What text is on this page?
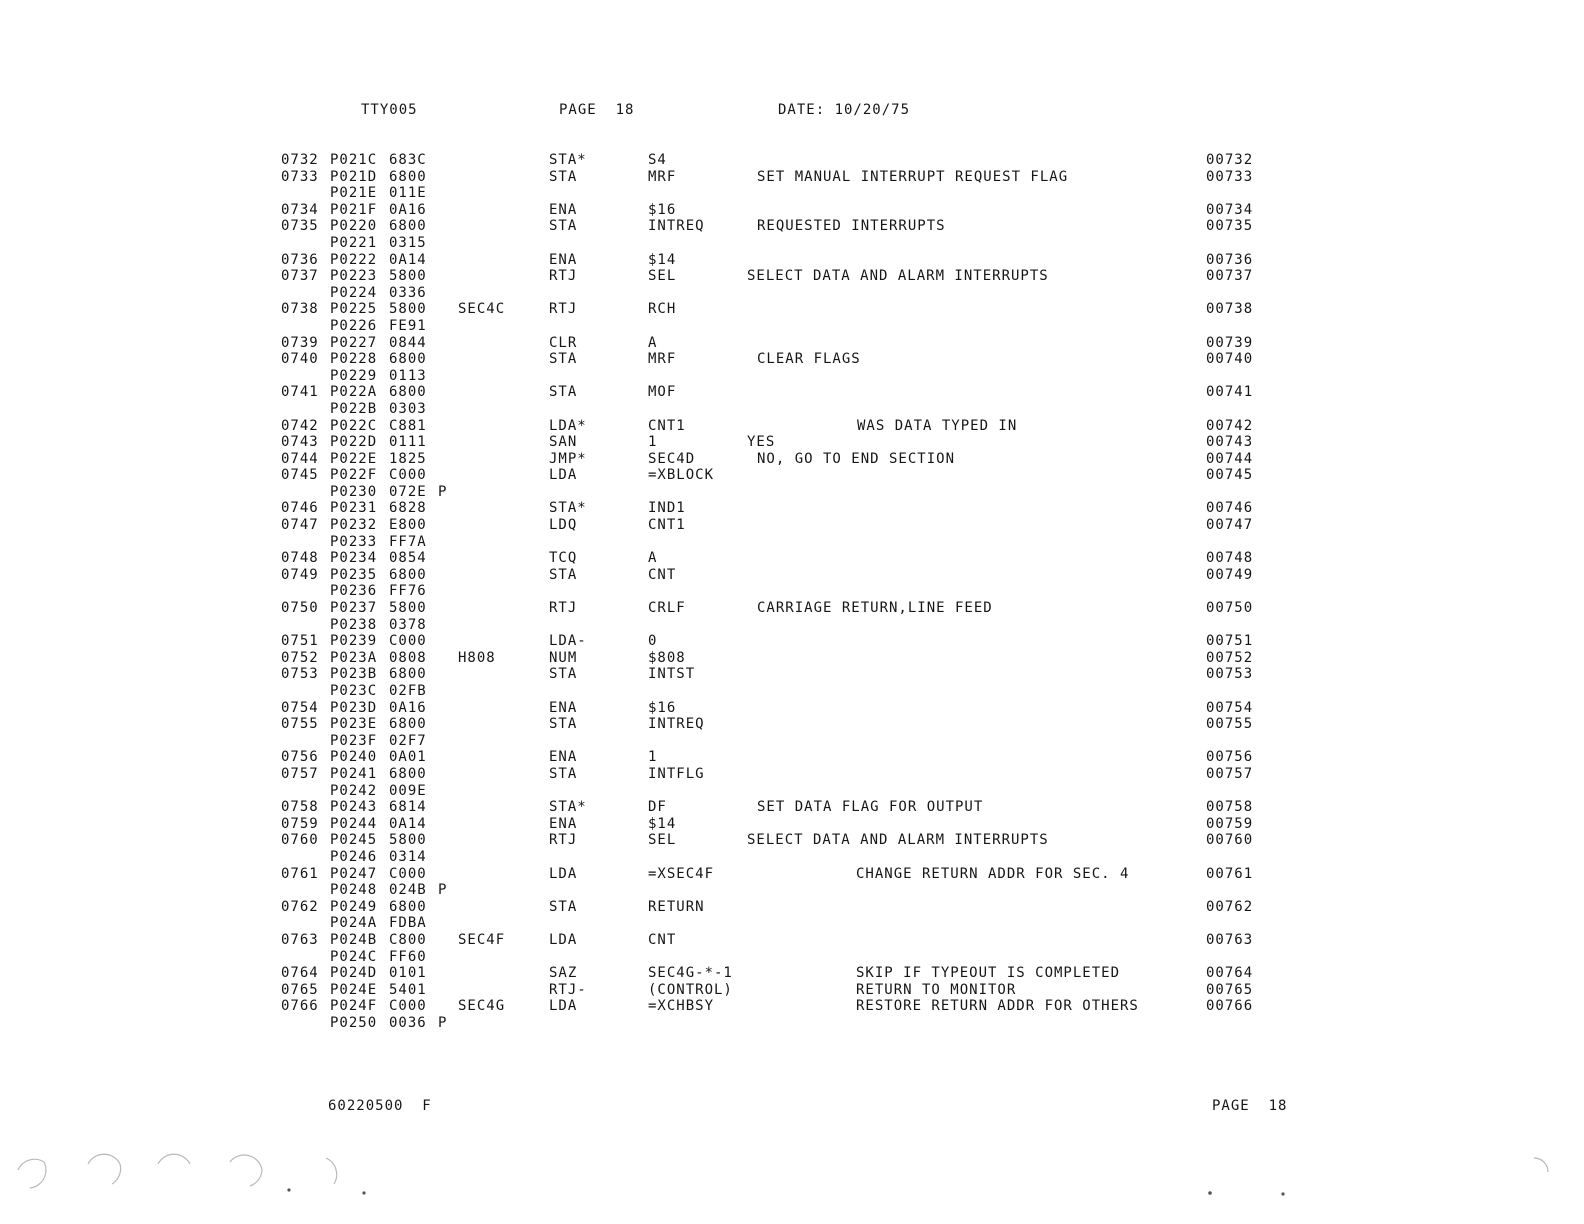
TTY005	PAGE  18	DATE: 10/20/75
0732 P021C 683C	STA*	S4	00732
0733 P021D 6800	STA	MRF	SET MANUAL INTERRUPT REQUEST FLAG	00733
P021E 011E
0734 P021F 0A16	ENA	$16	00734
0735 P0220 6800	STA	INTREQ	REQUESTED INTERRUPTS	00735
P0221 0315
0736 P0222 0A14	ENA	$14	00736
0737 P0223 5800	RTJ	SEL	SELECT DATA AND ALARM INTERRUPTS	00737
P0224 0336
0738 P0225 5800 SEC4C	RTJ	RCH	00738
P0226 FE91
0739 P0227 0844	CLR	A	00739
0740 P0228 6800	STA	MRF	CLEAR FLAGS	00740
P0229 0113
0741 P022A 6800	STA	MOF	00741
P022B 0303
0742 P022C C881	LDA*	CNT1	WAS DATA TYPED IN	00742
0743 P022D 0111	SAN	1	YES	00743
0744 P022E 1825	JMP*	SEC4D	NO, GO TO END SECTION	00744
0745 P022F C000	LDA	=XBLOCK	00745
P0230 072E P
0746 P0231 6828	STA*	IND1	00746
0747 P0232 E800	LDQ	CNT1	00747
P0233 FF7A
0748 P0234 0854	TCQ	A	00748
0749 P0235 6800	STA	CNT	00749
P0236 FF76
0750 P0237 5800	RTJ	CRLF	CARRIAGE RETURN,LINE FEED	00750
P0238 0378
0751 P0239 C000	LDA-	0	00751
0752 P023A 0808 H808	NUM	$808	00752
0753 P023B 6800	STA	INTST	00753
P023C 02FB
0754 P023D 0A16	ENA	$16	00754
0755 P023E 6800	STA	INTREQ	00755
P023F 02F7
0756 P0240 0A01	ENA	1	00756
0757 P0241 6800	STA	INTFLG	00757
P0242 009E
0758 P0243 6814	STA*	DF	SET DATA FLAG FOR OUTPUT	00758
0759 P0244 0A14	ENA	$14	00759
0760 P0245 5800	RTJ	SEL	SELECT DATA AND ALARM INTERRUPTS	00760
P0246 0314
0761 P0247 C000	LDA	=XSEC4F	CHANGE RETURN ADDR FOR SEC. 4	00761
P0248 024B P
0762 P0249 6800	STA	RETURN	00762
P024A FDBA
0763 P024B C800 SEC4F	LDA	CNT	00763
P024C FF60
0764 P024D 0101	SAZ	SEC4G-*-1	SKIP IF TYPEOUT IS COMPLETED	00764
0765 P024E 5401	RTJ-	(CONTROL)	RETURN TO MONITOR	00765
0766 P024F C000 SEC4G	LDA	=XCHBSY	RESTORE RETURN ADDR FOR OTHERS	00766
P0250 0036 P
60220500  F	PAGE  18
